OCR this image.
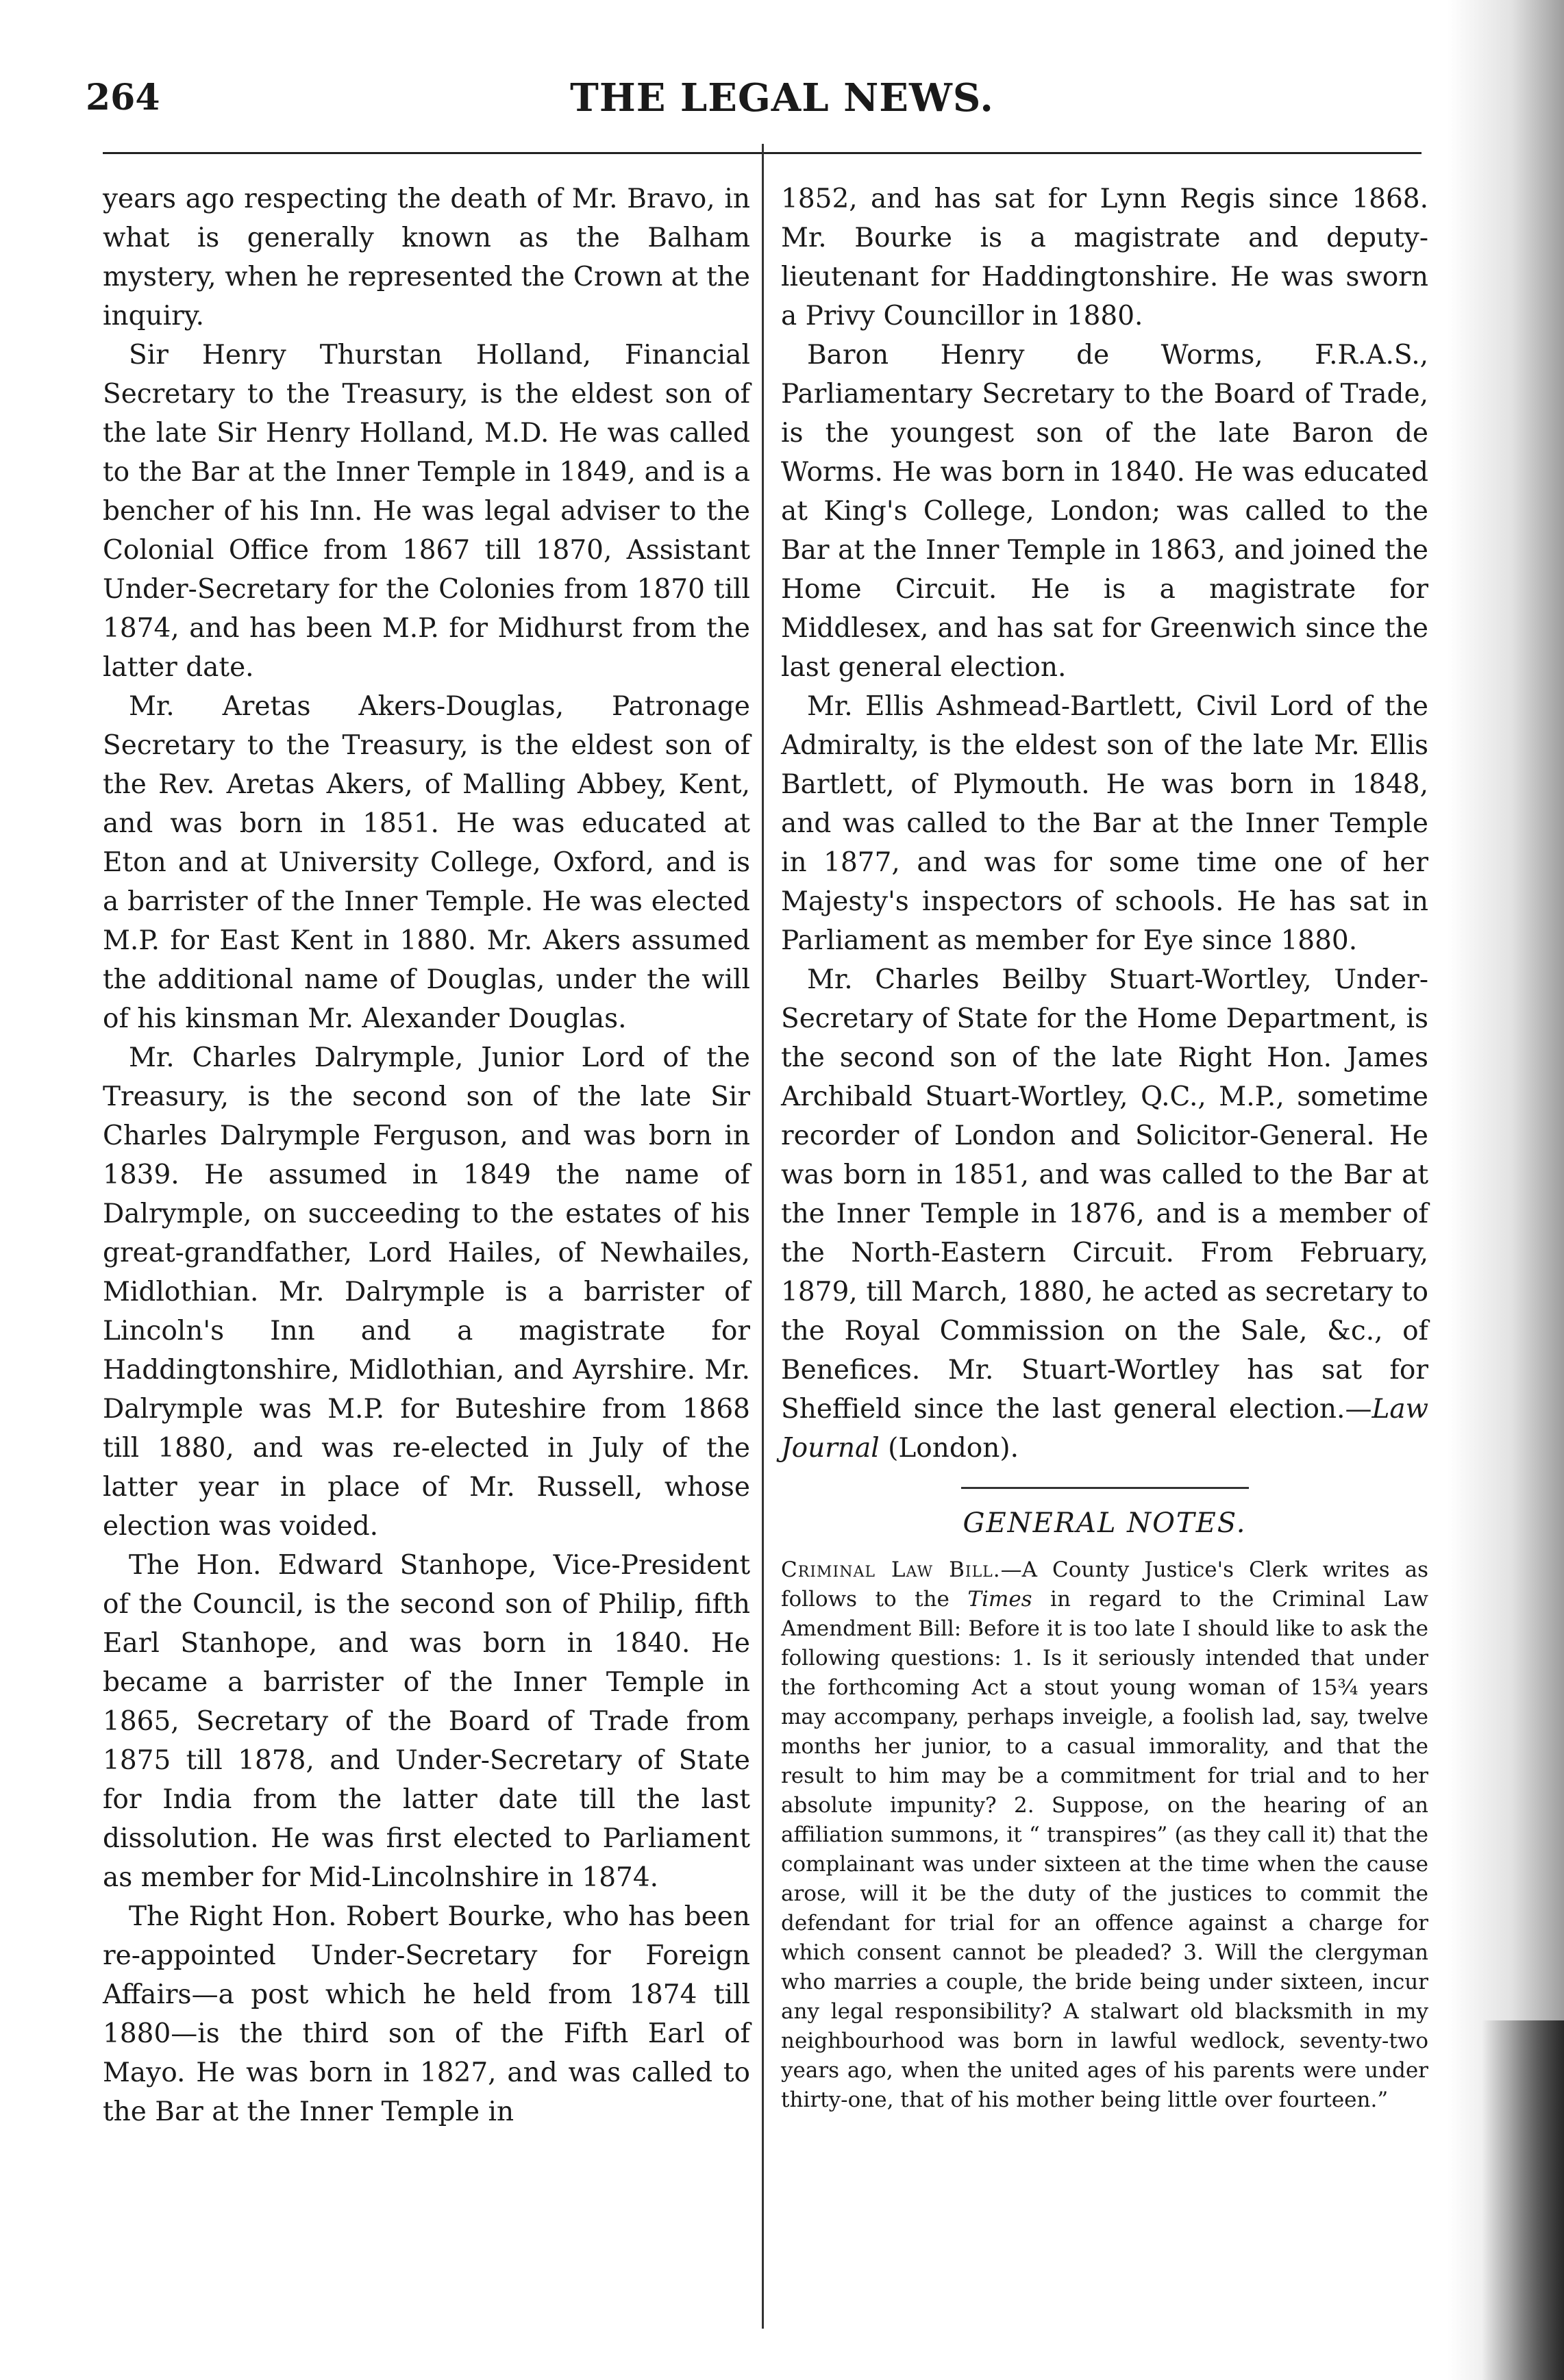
264	THE LEGAL NEWS.

years ago respecting the death of Mr. Bravo, in what is generally known as the Balham mystery, when he represented the Crown at the inquiry.

Sir Henry Thurstan Holland, Financial Secretary to the Treasury, is the eldest son of the late Sir Henry Holland, M.D. He was called to the Bar at the Inner Temple in 1849, and is a bencher of his Inn. He was legal adviser to the Colonial Office from 1867 till 1870, Assistant Under-Secretary for the Colonies from 1870 till 1874, and has been M.P. for Midhurst from the latter date.

Mr. Aretas Akers-Douglas, Patronage Secretary to the Treasury, is the eldest son of the Rev. Aretas Akers, of Malling Abbey, Kent, and was born in 1851. He was educated at Eton and at University College, Oxford, and is a barrister of the Inner Temple. He was elected M.P. for East Kent in 1880. Mr. Akers assumed the additional name of Douglas, under the will of his kinsman Mr. Alexander Douglas.

Mr. Charles Dalrymple, Junior Lord of the Treasury, is the second son of the late Sir Charles Dalrymple Ferguson, and was born in 1839. He assumed in 1849 the name of Dalrymple, on succeeding to the estates of his great-grandfather, Lord Hailes, of Newhailes, Midlothian. Mr. Dalrymple is a barrister of Lincoln's Inn and a magistrate for Haddingtonshire, Midlothian, and Ayrshire. Mr. Dalrymple was M.P. for Buteshire from 1868 till 1880, and was re-elected in July of the latter year in place of Mr. Russell, whose election was voided.

The Hon. Edward Stanhope, Vice-President of the Council, is the second son of Philip, fifth Earl Stanhope, and was born in 1840. He became a barrister of the Inner Temple in 1865, Secretary of the Board of Trade from 1875 till 1878, and Under-Secretary of State for India from the latter date till the last dissolution. He was first elected to Parliament as member for Mid-Lincolnshire in 1874.

The Right Hon. Robert Bourke, who has been re-appointed Under-Secretary for Foreign Affairs—a post which he held from 1874 till 1880—is the third son of the Fifth Earl of Mayo. He was born in 1827, and was called to the Bar at the Inner Temple in

1852, and has sat for Lynn Regis since 1868. Mr. Bourke is a magistrate and deputy-lieutenant for Haddingtonshire. He was sworn a Privy Councillor in 1880.

Baron Henry de Worms, F.R.A.S., Parliamentary Secretary to the Board of Trade, is the youngest son of the late Baron de Worms. He was born in 1840. He was educated at King's College, London; was called to the Bar at the Inner Temple in 1863, and joined the Home Circuit. He is a magistrate for Middlesex, and has sat for Greenwich since the last general election.

Mr. Ellis Ashmead-Bartlett, Civil Lord of the Admiralty, is the eldest son of the late Mr. Ellis Bartlett, of Plymouth. He was born in 1848, and was called to the Bar at the Inner Temple in 1877, and was for some time one of her Majesty's inspectors of schools. He has sat in Parliament as member for Eye since 1880.

Mr. Charles Beilby Stuart-Wortley, Under-Secretary of State for the Home Department, is the second son of the late Right Hon. James Archibald Stuart-Wortley, Q.C., M.P., sometime recorder of London and Solicitor-General. He was born in 1851, and was called to the Bar at the Inner Temple in 1876, and is a member of the North-Eastern Circuit. From February, 1879, till March, 1880, he acted as secretary to the Royal Commission on the Sale, &c., of Benefices. Mr. Stuart-Wortley has sat for Sheffield since the last general election.—Law Journal (London).

GENERAL NOTES.
Criminal Law Bill.—A County Justice's Clerk writes as follows to the Times in regard to the Criminal Law Amendment Bill: Before it is too late I should like to ask the following questions: 1. Is it seriously intended that under the forthcoming Act a stout young woman of 15¾ years may accompany, perhaps inveigle, a foolish lad, say, twelve months her junior, to a casual immorality, and that the result to him may be a commitment for trial and to her absolute impunity? 2. Suppose, on the hearing of an affiliation summons, it “ transpires” (as they call it) that the complainant was under sixteen at the time when the cause arose, will it be the duty of the justices to commit the defendant for trial for an offence against a charge for which consent cannot be pleaded? 3. Will the clergyman who marries a couple, the bride being under sixteen, incur any legal responsibility? A stalwart old blacksmith in my neighbourhood was born in lawful wedlock, seventy-two years ago, when the united ages of his parents were under thirty-one, that of his mother being little over fourteen.”
